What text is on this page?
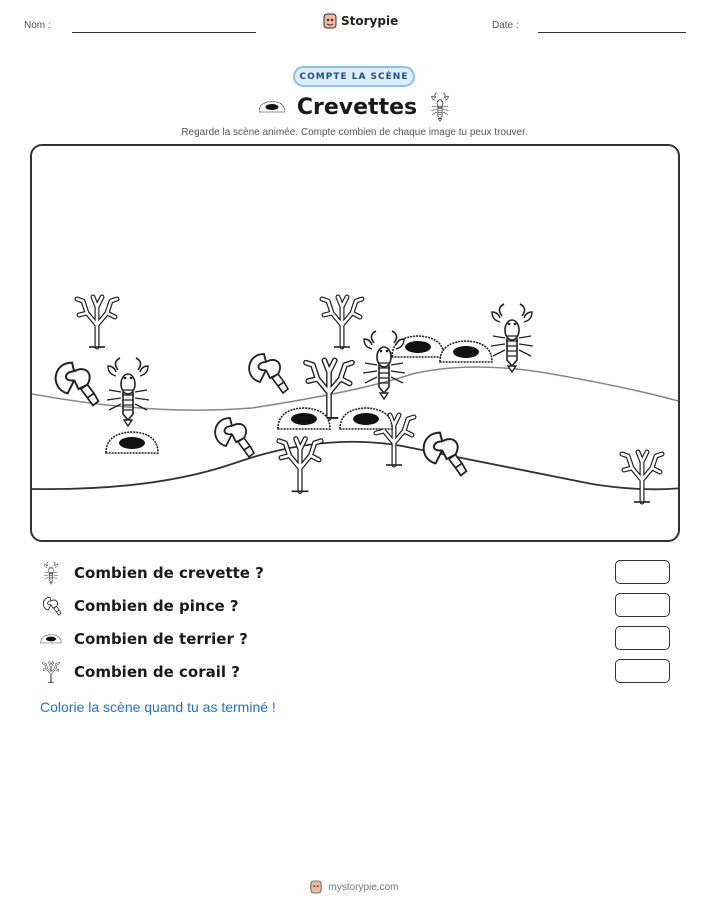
Nom :	Storypie	Date :
COMPTE LA SCÈNE
Crevettes
Regarde la scène animée. Compte combien de chaque image tu peux trouver.
Combien de crevette ?
Combien de pince ?
Combien de terrier ?
Combien de corail ?
Colorie la scène quand tu as terminé !
mystorypie.com
